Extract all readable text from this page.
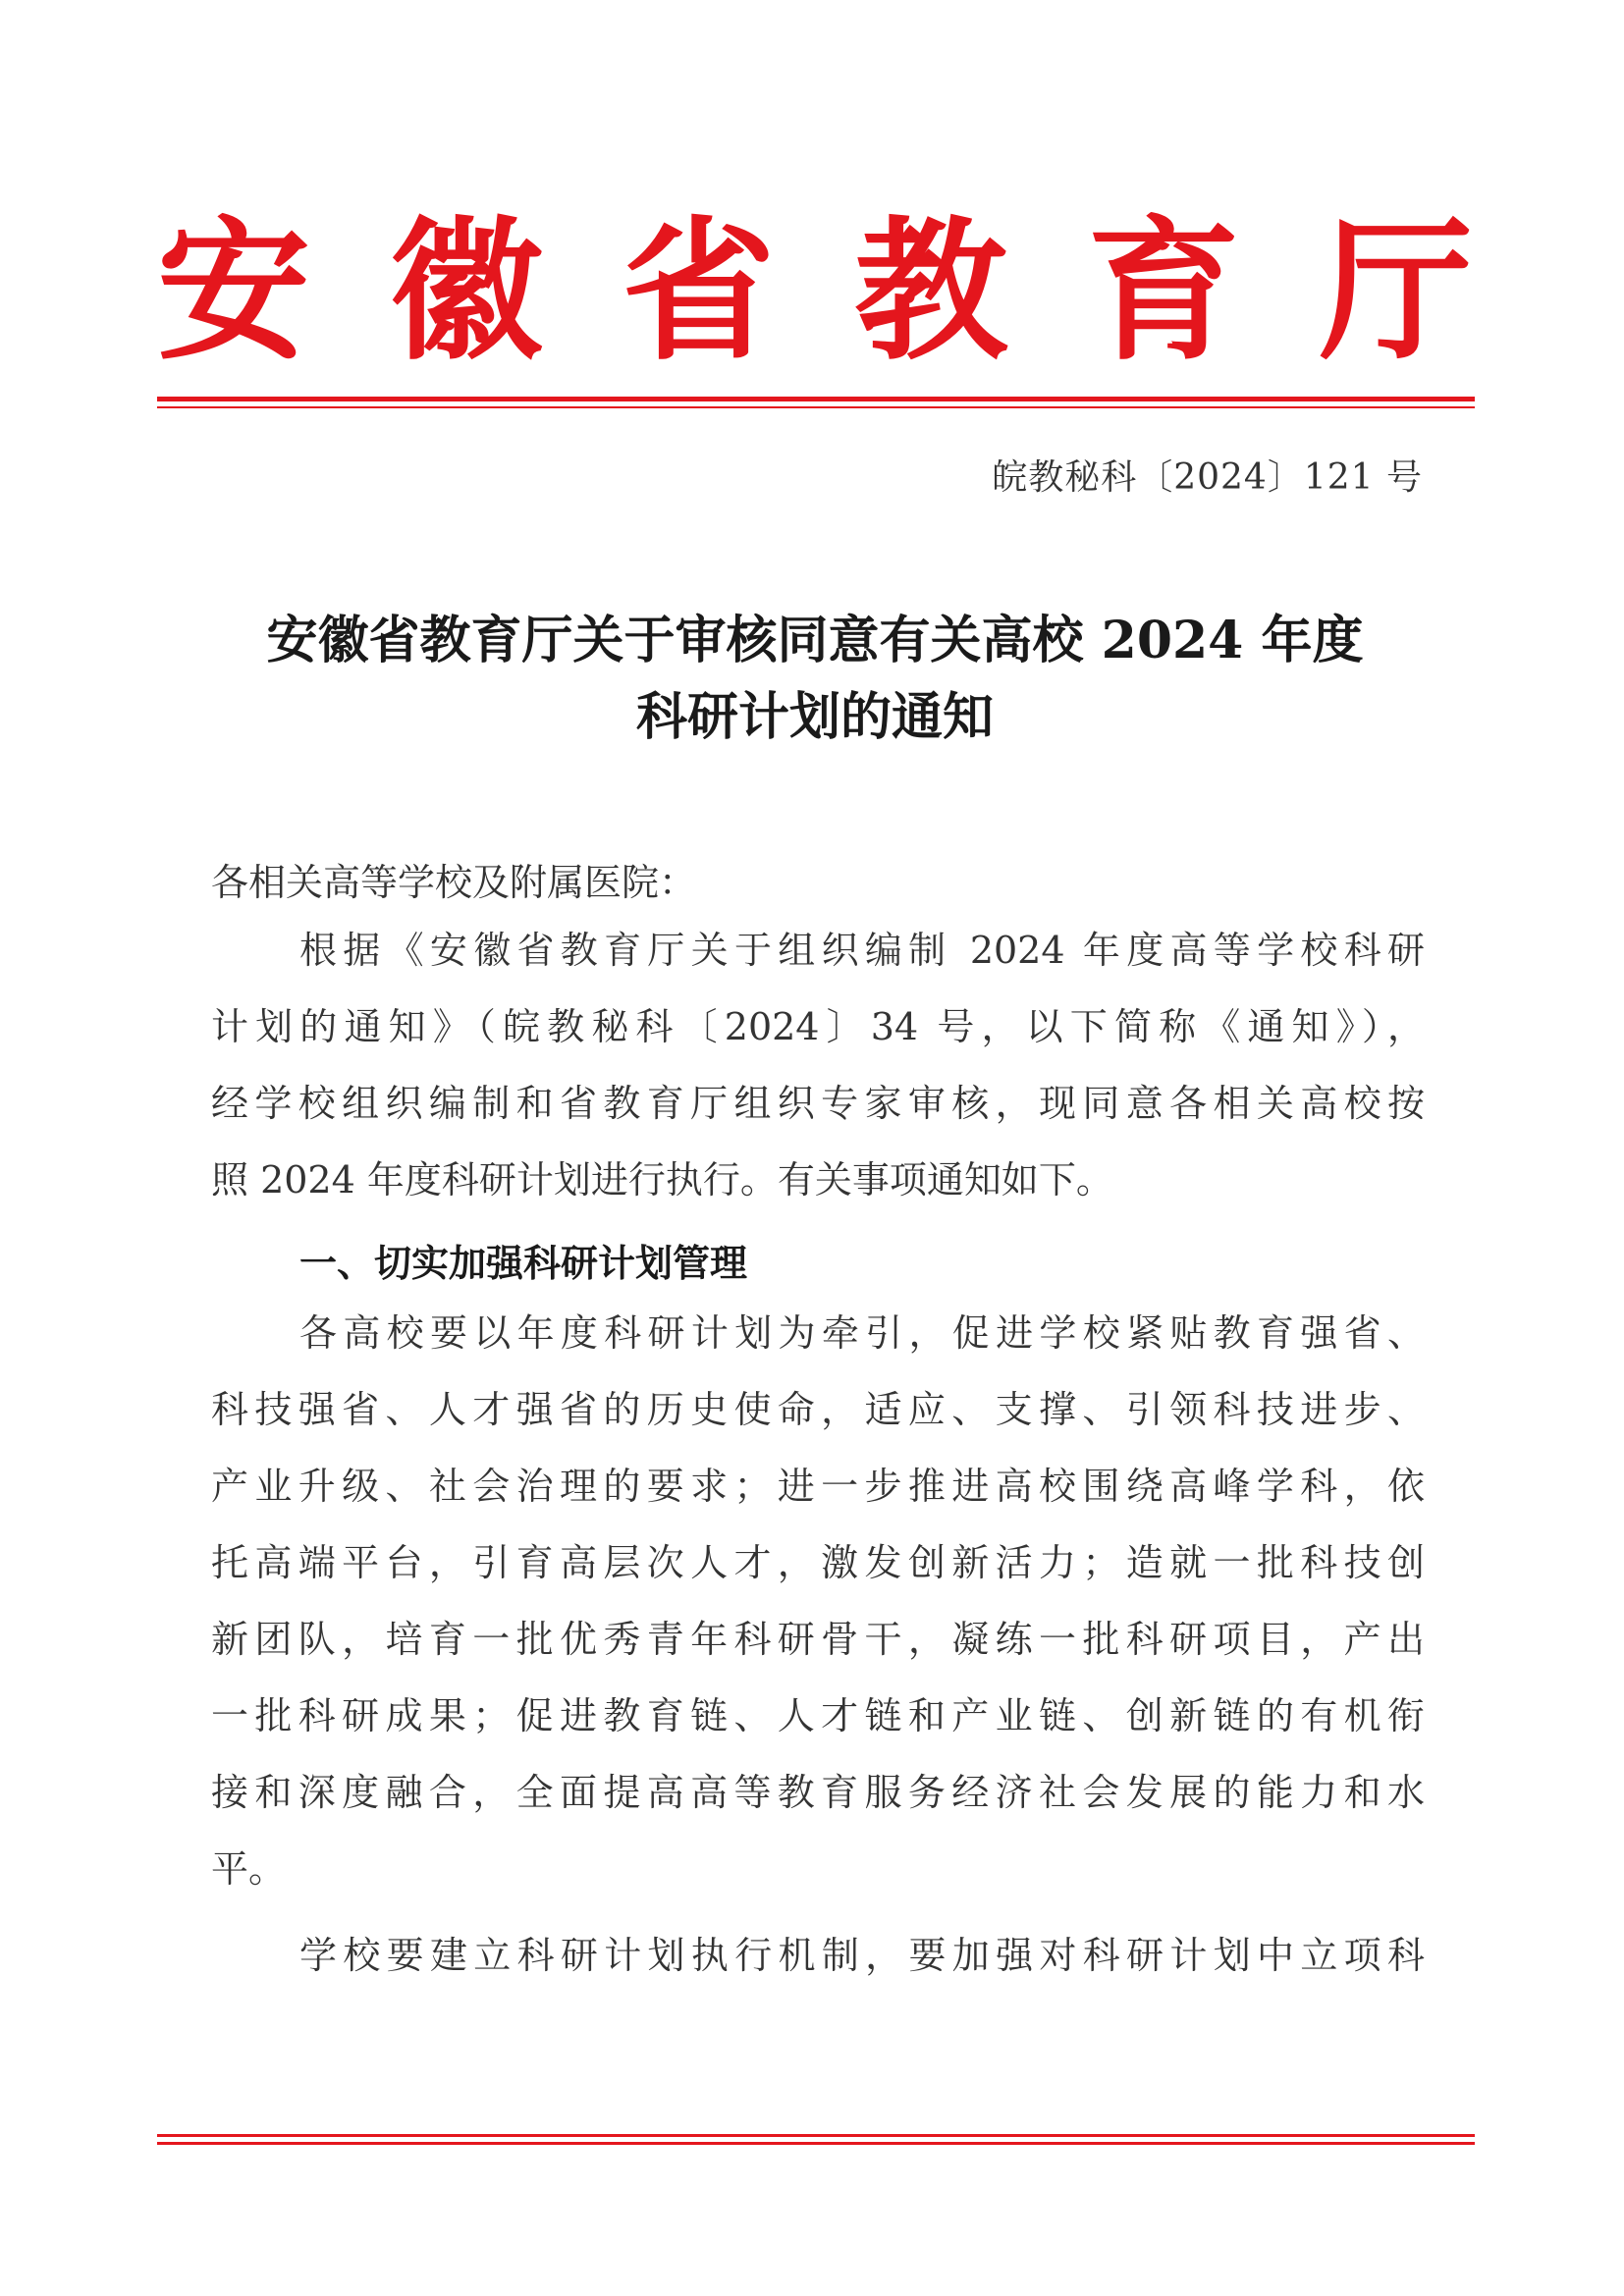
安 徽 省 教 育 厅
皖教秘科〔2024〕121 号
安徽省教育厅关于审核同意有关高校 2024 年度
科研计划的通知
各相关高等学校及附属医院：
根据《安徽省教育厅关于组织编制 2024 年度高等学校科研
计划的通知》（皖教秘科〔2024〕34 号，以下简称《通知》），
经学校组织编制和省教育厅组织专家审核，现同意各相关高校按
照 2024 年度科研计划进行执行。有关事项通知如下。
一、切实加强科研计划管理
各高校要以年度科研计划为牵引，促进学校紧贴教育强省、
科技强省、人才强省的历史使命，适应、支撑、引领科技进步、
产业升级、社会治理的要求；进一步推进高校围绕高峰学科，依
托高端平台，引育高层次人才，激发创新活力；造就一批科技创
新团队，培育一批优秀青年科研骨干，凝练一批科研项目，产出
一批科研成果；促进教育链、人才链和产业链、创新链的有机衔
接和深度融合，全面提高高等教育服务经济社会发展的能力和水
平。
学校要建立科研计划执行机制，要加强对科研计划中立项科
